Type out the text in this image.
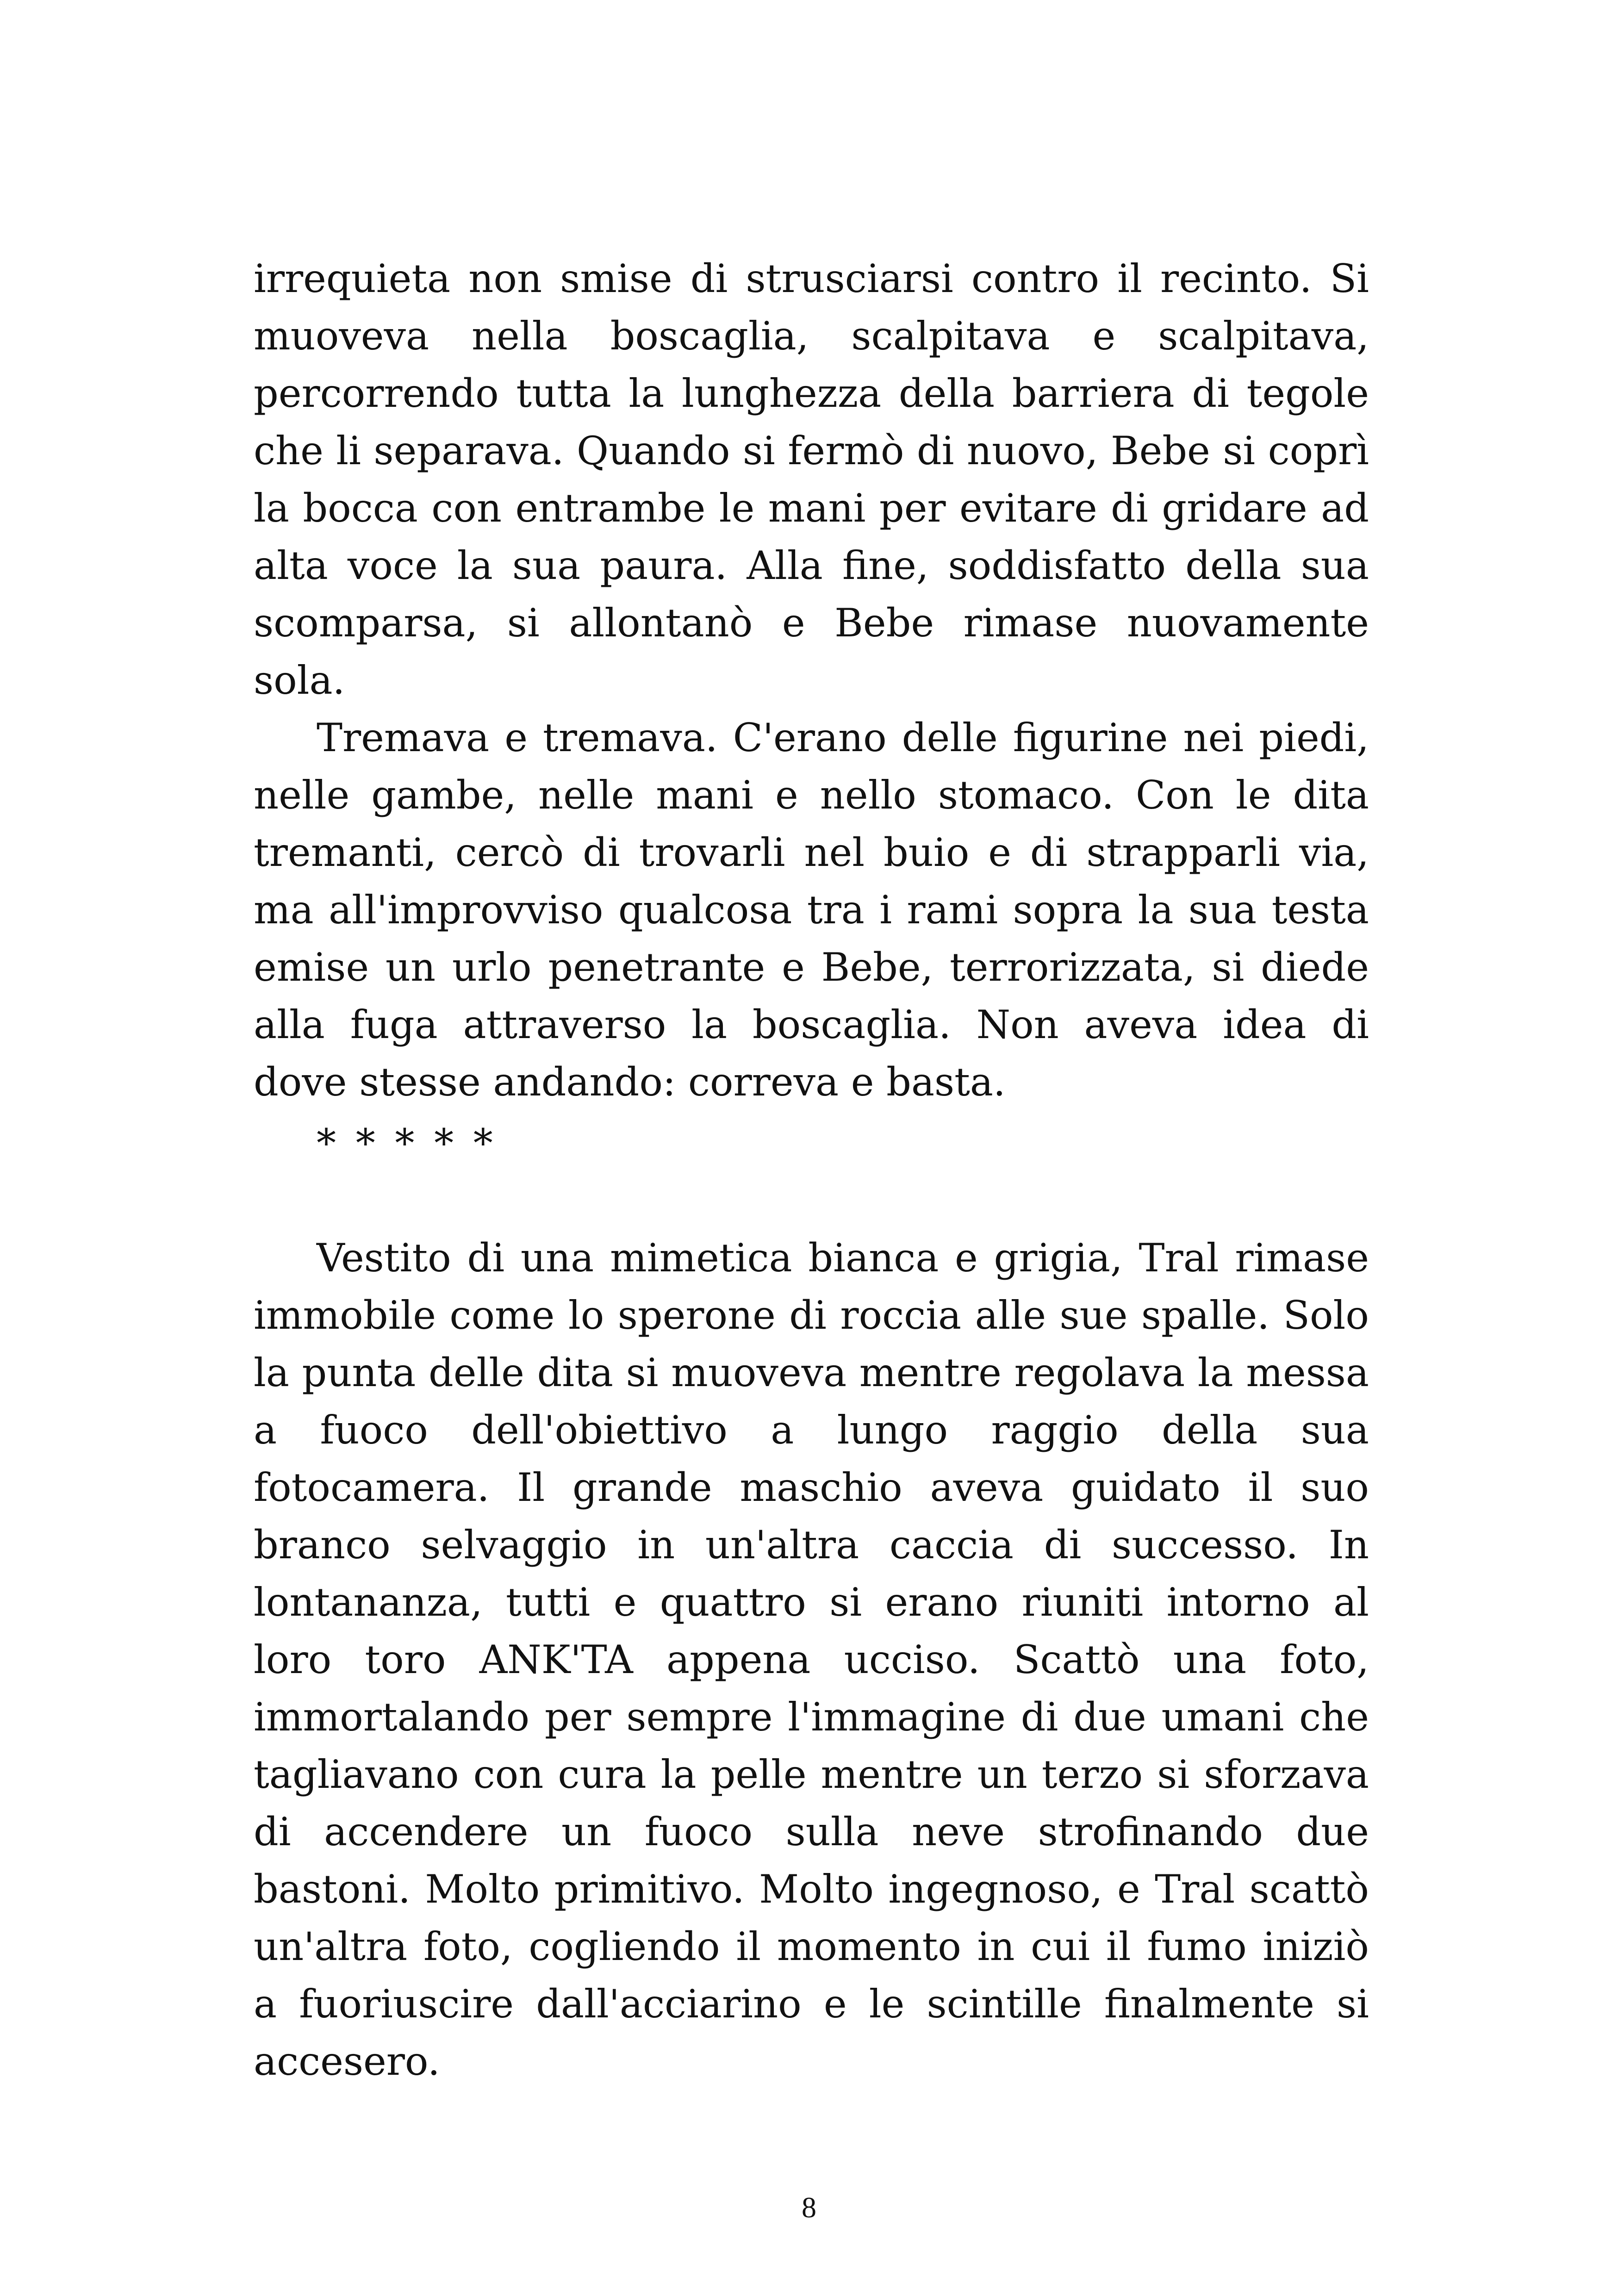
irrequieta non smise di strusciarsi contro il recinto. Si muoveva nella boscaglia, scalpitava e scalpitava, percorrendo tutta la lunghezza della barriera di tegole che li separava. Quando si fermò di nuovo, Bebe si coprì la bocca con entrambe le mani per evitare di gridare ad alta voce la sua paura. Alla fine, soddisfatto della sua scomparsa, si allontanò e Bebe rimase nuovamente sola.

Tremava e tremava. C'erano delle figurine nei piedi, nelle gambe, nelle mani e nello stomaco. Con le dita tremanti, cercò di trovarli nel buio e di strapparli via, ma all'improvviso qualcosa tra i rami sopra la sua testa emise un urlo penetrante e Bebe, terrorizzata, si diede alla fuga attraverso la boscaglia. Non aveva idea di dove stesse andando: correva e basta.

* * * * *

Vestito di una mimetica bianca e grigia, Tral rimase immobile come lo sperone di roccia alle sue spalle. Solo la punta delle dita si muoveva mentre regolava la messa a fuoco dell'obiettivo a lungo raggio della sua fotocamera. Il grande maschio aveva guidato il suo branco selvaggio in un'altra caccia di successo. In lontananza, tutti e quattro si erano riuniti intorno al loro toro ANK'TA appena ucciso. Scattò una foto, immortalando per sempre l'immagine di due umani che tagliavano con cura la pelle mentre un terzo si sforzava di accendere un fuoco sulla neve strofinando due bastoni. Molto primitivo. Molto ingegnoso, e Tral scattò un'altra foto, cogliendo il momento in cui il fumo iniziò a fuoriuscire dall'acciarino e le scintille finalmente si accesero.

8
